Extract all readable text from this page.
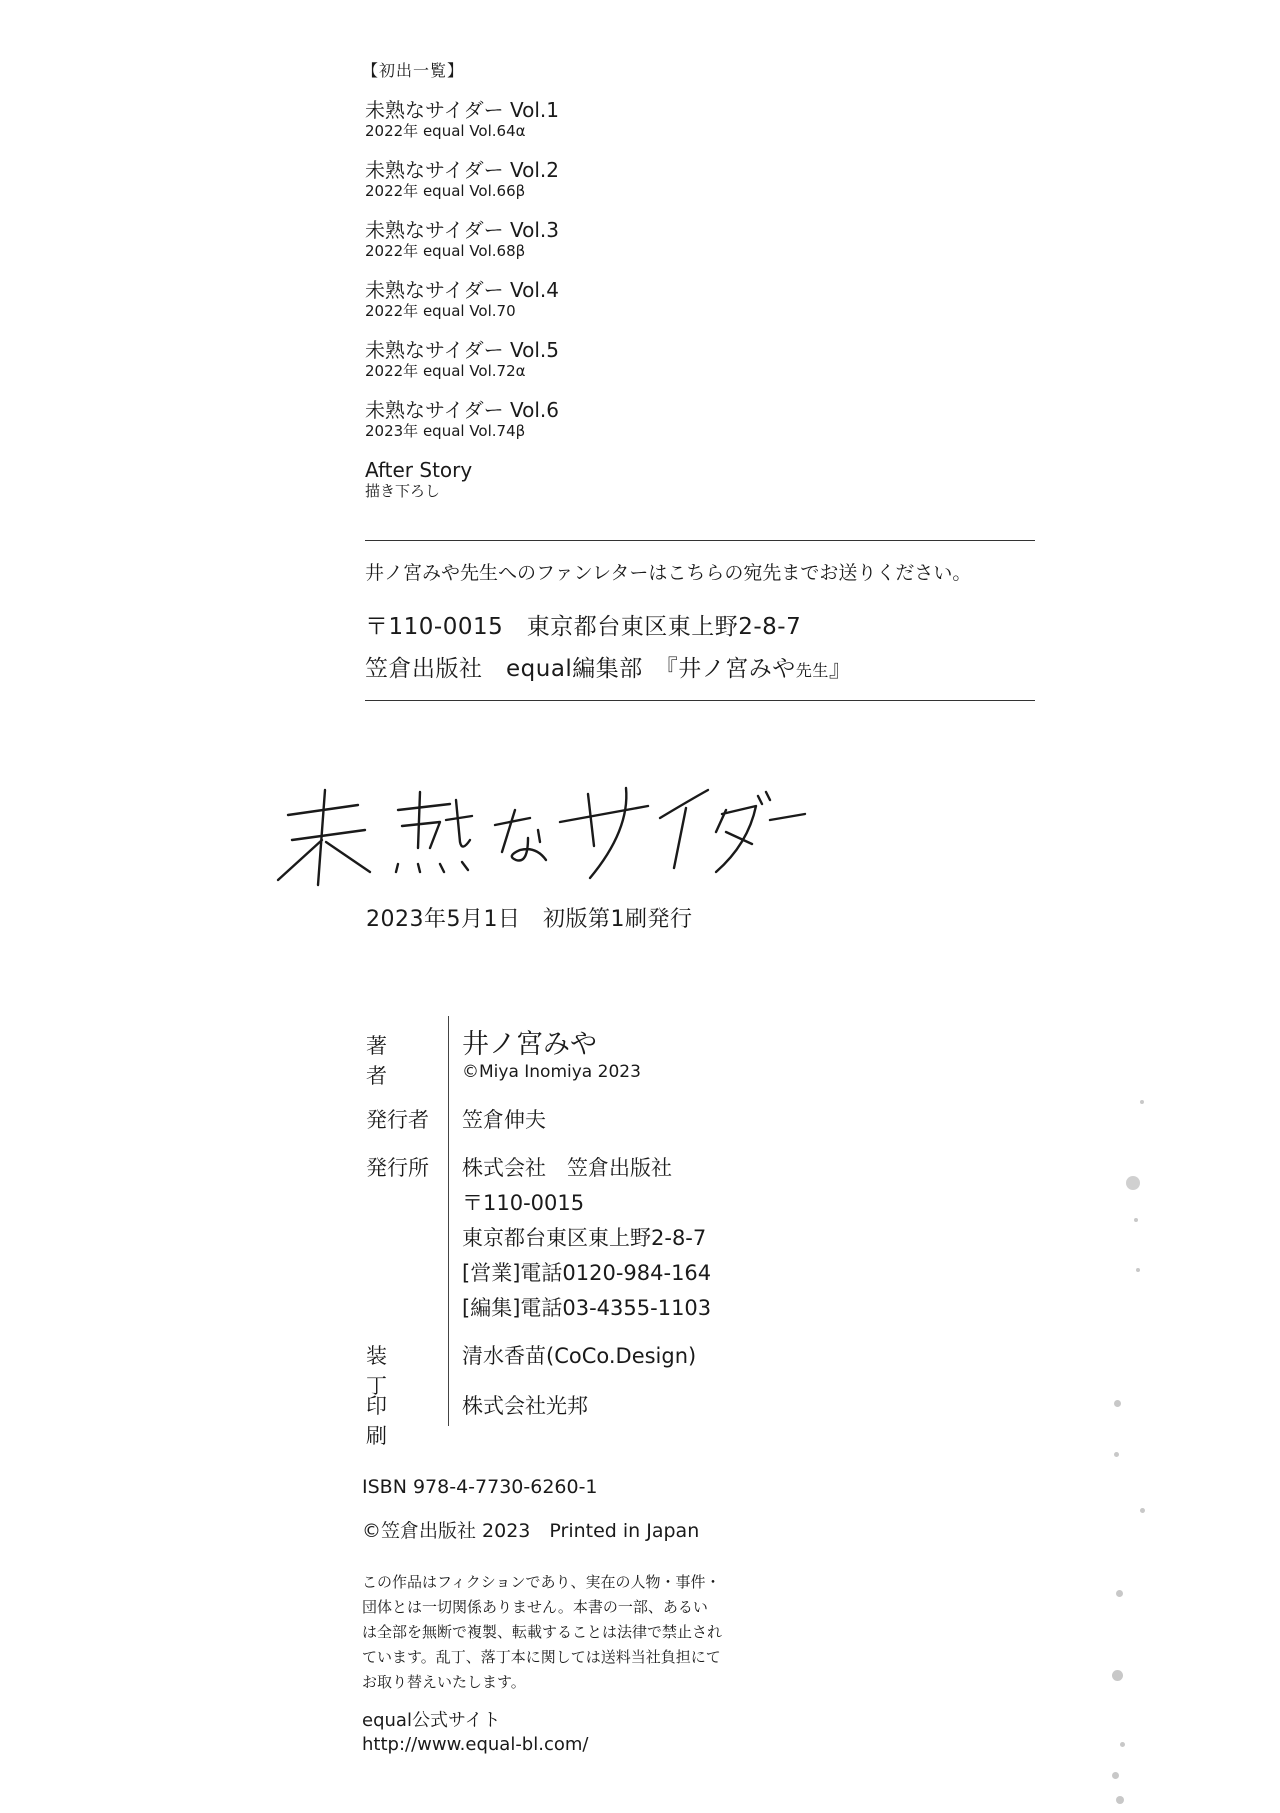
【初出一覧】
未熟なサイダー Vol.1
2022年 equal Vol.64α
未熟なサイダー Vol.2
2022年 equal Vol.66β
未熟なサイダー Vol.3
2022年 equal Vol.68β
未熟なサイダー Vol.4
2022年 equal Vol.70
未熟なサイダー Vol.5
2022年 equal Vol.72α
未熟なサイダー Vol.6
2023年 equal Vol.74β
After Story
描き下ろし
井ノ宮みや先生へのファンレターはこちらの宛先までお送りください。
〒110-0015　東京都台東区東上野2-8-7
笠倉出版社　equal編集部　『井ノ宮みや先生』
2023年5月1日　初版第1刷発行
著者
井ノ宮みや
©Miya Inomiya 2023
発行者	笠倉伸夫
発行所	株式会社　笠倉出版社
〒110-0015
東京都台東区東上野2-8-7
[営業]電話0120-984-164
[編集]電話03-4355-1103
装丁
清水香苗(CoCo.Design)
印刷
株式会社光邦
ISBN 978-4-7730-6260-1
©笠倉出版社 2023　Printed in Japan
この作品はフィクションであり、実在の人物・事件・団体とは一切関係ありません。本書の一部、あるいは全部を無断で複製、転載することは法律で禁止されています。乱丁、落丁本に関しては送料当社負担にてお取り替えいたします。
equal公式サイト
http://www.equal-bl.com/
